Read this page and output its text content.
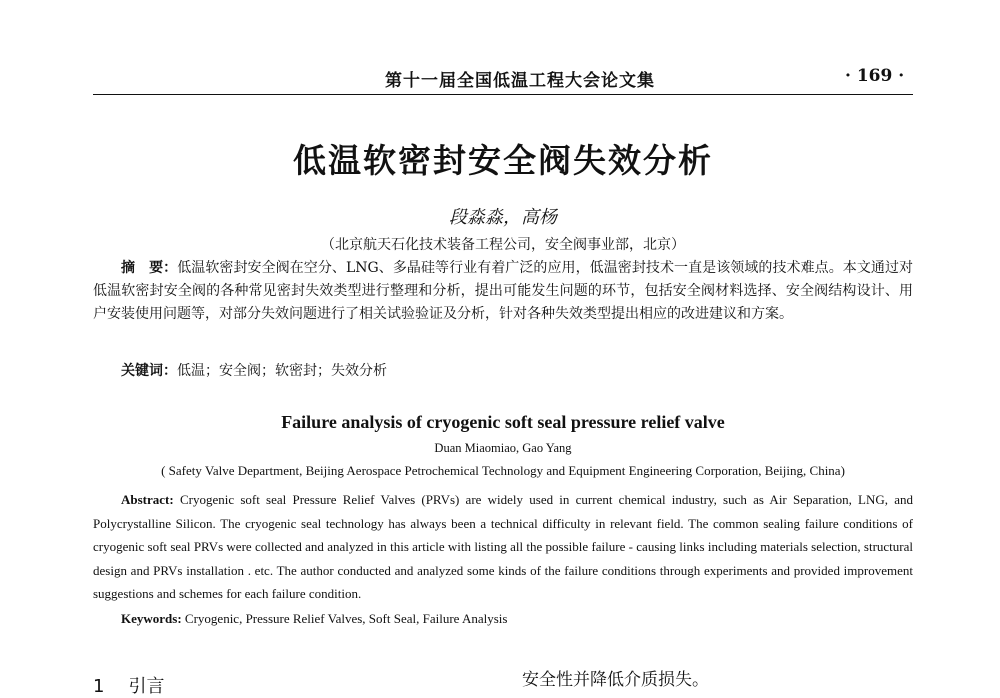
第十一届全国低温工程大会论文集	· 169 ·
低温软密封安全阀失效分析
段淼淼，高杨
（北京航天石化技术装备工程公司，安全阀事业部，北京）
摘　要：低温软密封安全阀在空分、LNG、多晶硅等行业有着广泛的应用，低温密封技术一直是该领域的技术难点。本文通过对低温软密封安全阀的各种常见密封失效类型进行整理和分析，提出可能发生问题的环节，包括安全阀材料选择、安全阀结构设计、用户安装使用问题等，对部分失效问题进行了相关试验验证及分析，针对各种失效类型提出相应的改进建议和方案。
关键词：低温；安全阀；软密封；失效分析
Failure analysis of cryogenic soft seal pressure relief valve
Duan Miaomiao, Gao Yang
( Safety Valve Department, Beijing Aerospace Petrochemical Technology and Equipment Engineering Corporation, Beijing, China)
Abstract: Cryogenic soft seal Pressure Relief Valves (PRVs) are widely used in current chemical industry, such as Air Separation, LNG, and Polycrystalline Silicon. The cryogenic seal technology has always been a technical difficulty in relevant field. The common sealing failure conditions of cryogenic soft seal PRVs were collected and analyzed in this article with listing all the possible failure - causing links including materials selection, structural design and PRVs installation . etc. The author conducted and analyzed some kinds of the failure conditions through experiments and provided improvement suggestions and schemes for each failure condition.
Keywords: Cryogenic, Pressure Relief Valves, Soft Seal, Failure Analysis
1 引言	安全性并降低介质损失。
